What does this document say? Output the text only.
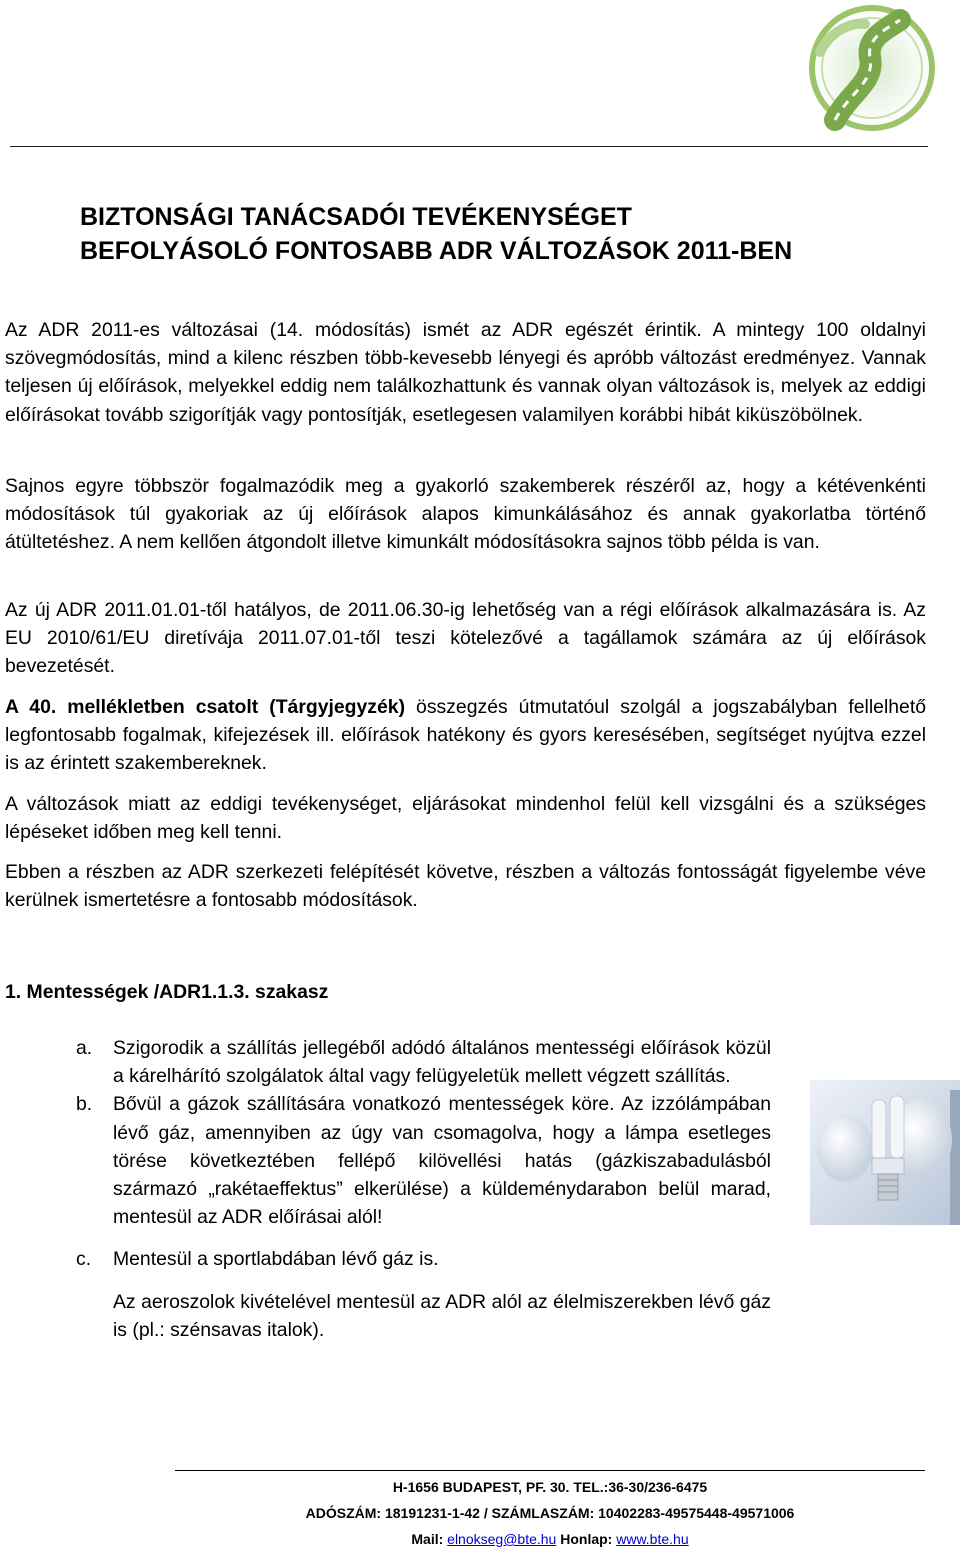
BIZTONSÁGI TANÁCSADÓI TEVÉKENYSÉGET
BEFOLYÁSOLÓ FONTOSABB ADR VÁLTOZÁSOK 2011-BEN
Az ADR 2011-es változásai (14. módosítás) ismét az ADR egészét érintik. A mintegy 100 oldalnyi szövegmódosítás, mind a kilenc részben több-kevesebb lényegi és apróbb változást eredményez. Vannak teljesen új előírások, melyekkel eddig nem találkozhattunk és vannak olyan változások is, melyek az eddigi előírásokat tovább szigorítják vagy pontosítják, esetlegesen valamilyen korábbi hibát kiküszöbölnek.
Sajnos egyre többször fogalmazódik meg a gyakorló szakemberek részéről az, hogy a kétévenkénti módosítások túl gyakoriak az új előírások alapos kimunkálásához és annak gyakorlatba történő átültetéshez. A nem kellően átgondolt illetve kimunkált módosításokra sajnos több példa is van.
Az új ADR 2011.01.01-től hatályos, de 2011.06.30-ig lehetőség van a régi előírások alkalmazására is. Az EU 2010/61/EU diretívája 2011.07.01-től teszi kötelezővé a tagállamok számára az új előírások bevezetését.
A 40. mellékletben csatolt (Tárgyjegyzék) összegzés útmutatóul szolgál a jogszabályban fellelhető legfontosabb fogalmak, kifejezések ill. előírások hatékony és gyors keresésében, segítséget nyújtva ezzel is az érintett szakembereknek.
A változások miatt az eddigi tevékenységet, eljárásokat mindenhol felül kell vizsgálni és a szükséges lépéseket időben meg kell tenni.
Ebben a részben az ADR szerkezeti felépítését követve, részben a változás fontosságát figyelembe véve kerülnek ismertetésre a fontosabb módosítások.
1. Mentességek /ADR1.1.3. szakasz
a.	Szigorodik a szállítás jellegéből adódó általános mentességi előírások közül a kárelhárító szolgálatok által vagy felügyeletük mellett végzett szállítás.
b.	Bővül a gázok szállítására vonatkozó mentességek köre. Az izzólámpában lévő gáz, amennyiben az úgy van csomagolva, hogy a lámpa esetleges törése következtében fellépő kilövellési hatás (gázkiszabadulásból származó „rakétaeffektus” elkerülése) a küldeménydarabon belül marad, mentesül az ADR előírásai alól!
c.	Mentesül a sportlabdában lévő gáz is.
Az aeroszolok kivételével mentesül az ADR alól az élelmiszerekben lévő gáz is (pl.: szénsavas italok).
H-1656 BUDAPEST, PF. 30. TEL.:36-30/236-6475
ADÓSZÁM: 18191231-1-42 / SZÁMLASZÁM: 10402283-49575448-49571006
Mail: elnokseg@bte.hu Honlap: www.bte.hu
